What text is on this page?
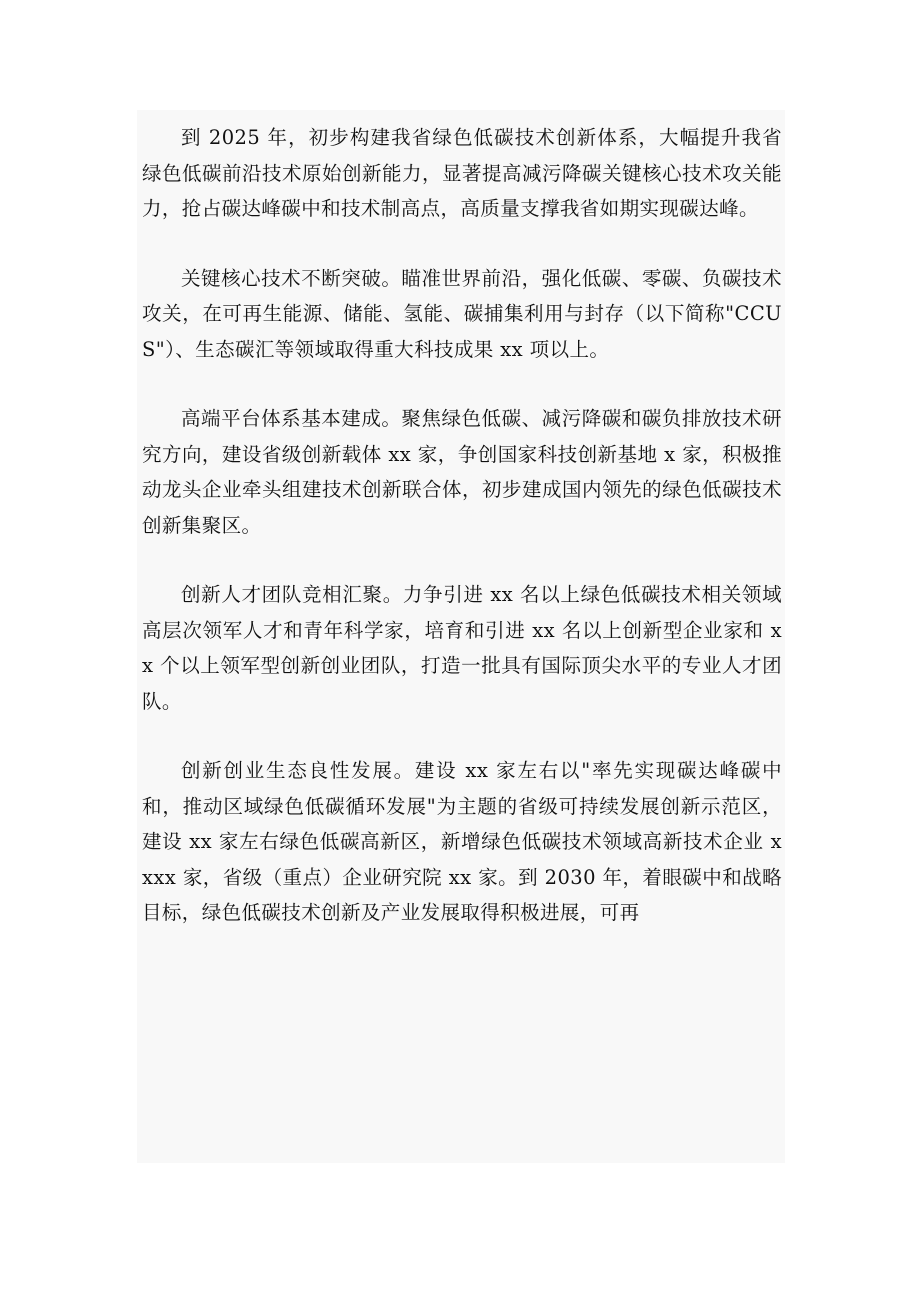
到 2025 年，初步构建我省绿色低碳技术创新体系，大幅提升我省绿色低碳前沿技术原始创新能力，显著提高减污降碳关键核心技术攻关能力，抢占碳达峰碳中和技术制高点，高质量支撑我省如期实现碳达峰。

关键核心技术不断突破。瞄准世界前沿，强化低碳、零碳、负碳技术攻关，在可再生能源、储能、氢能、碳捕集利用与封存（以下简称"CCUS"）、生态碳汇等领域取得重大科技成果 xx 项以上。

高端平台体系基本建成。聚焦绿色低碳、减污降碳和碳负排放技术研究方向，建设省级创新载体 xx 家，争创国家科技创新基地 x 家，积极推动龙头企业牵头组建技术创新联合体，初步建成国内领先的绿色低碳技术创新集聚区。

创新人才团队竞相汇聚。力争引进 xx 名以上绿色低碳技术相关领域高层次领军人才和青年科学家，培育和引进 xx 名以上创新型企业家和 xx 个以上领军型创新创业团队，打造一批具有国际顶尖水平的专业人才团队。

创新创业生态良性发展。建设 xx 家左右以"率先实现碳达峰碳中和，推动区域绿色低碳循环发展"为主题的省级可持续发展创新示范区，建设 xx 家左右绿色低碳高新区，新增绿色低碳技术领域高新技术企业 xxxx 家，省级（重点）企业研究院 xx 家。到 2030 年，着眼碳中和战略目标，绿色低碳技术创新及产业发展取得积极进展，可再
